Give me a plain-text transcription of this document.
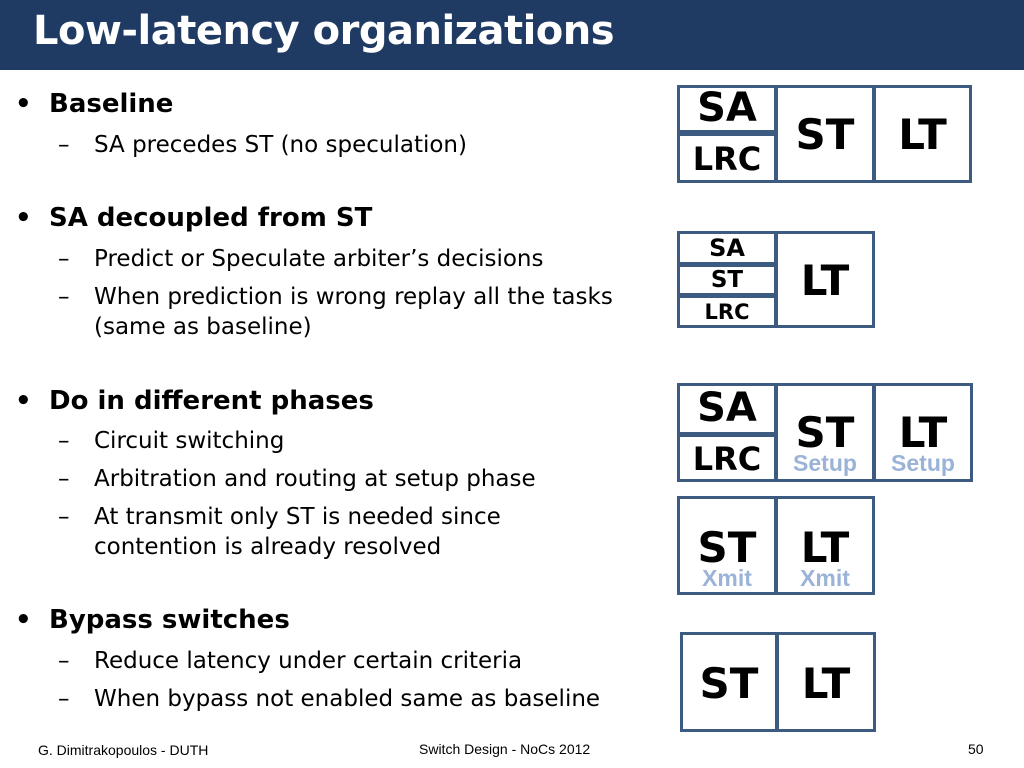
Low-latency organizations
• Baseline
– SA precedes ST (no speculation)
• SA decoupled from ST
– Predict or Speculate arbiter’s decisions
– When prediction is wrong replay all the tasks
(same as baseline)
• Do in different phases
– Circuit switching
– Arbitration and routing at setup phase
– At transmit only ST is needed since
contention is already resolved
• Bypass switches
– Reduce latency under certain criteria
– When bypass not enabled same as baseline
SA
LRC ST	LT
SA
ST
LRC
LT
SA
LRC
ST
Setup
LT
Setup
ST
Xmit
LT
Xmit
ST	LT
G. Dimitrakopoulos - DUTH	Switch Design - NoCs 2012	50
